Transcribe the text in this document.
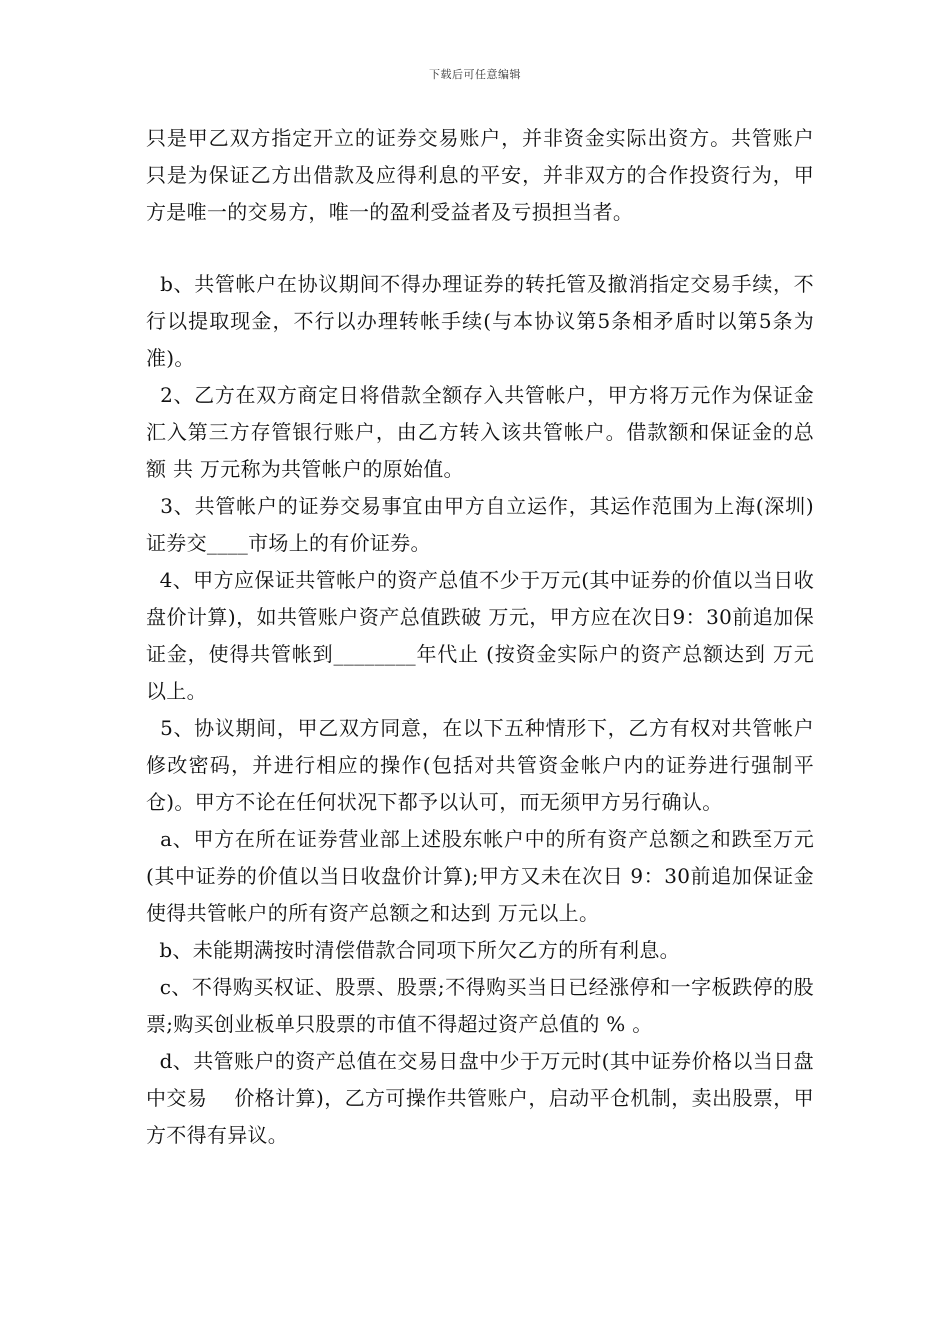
下载后可任意编辑

只是甲乙双方指定开立的证券交易账户，并非资金实际出资方。共管账户只是为保证乙方出借款及应得利息的平安，并非双方的合作投资行为，甲方是唯一的交易方，唯一的盈利受益者及亏损担当者。

b、共管帐户在协议期间不得办理证券的转托管及撤消指定交易手续，不行以提取现金，不行以办理转帐手续(与本协议第5条相矛盾时以第5条为准)。

2、乙方在双方商定日将借款全额存入共管帐户，甲方将万元作为保证金汇入第三方存管银行账户，由乙方转入该共管帐户。借款额和保证金的总额 共 万元称为共管帐户的原始值。

3、共管帐户的证券交易事宜由甲方自立运作，其运作范围为上海(深圳)证券交____市场上的有价证券。

4、甲方应保证共管帐户的资产总值不少于万元(其中证券的价值以当日收盘价计算)，如共管账户资产总值跌破 万元，甲方应在次日9：30前追加保证金，使得共管帐到________年代止 (按资金实际户的资产总额达到 万元以上。

5、协议期间，甲乙双方同意，在以下五种情形下，乙方有权对共管帐户修改密码，并进行相应的操作(包括对共管资金帐户内的证券进行强制平仓)。甲方不论在任何状况下都予以认可，而无须甲方另行确认。

a、甲方在所在证券营业部上述股东帐户中的所有资产总额之和跌至万元(其中证券的价值以当日收盘价计算);甲方又未在次日 9：30前追加保证金使得共管帐户的所有资产总额之和达到 万元以上。

b、未能期满按时清偿借款合同项下所欠乙方的所有利息。

c、不得购买权证、股票、股票;不得购买当日已经涨停和一字板跌停的股票;购买创业板单只股票的市值不得超过资产总值的 % 。

d、共管账户的资产总值在交易日盘中少于万元时(其中证券价格以当日盘中交易    价格计算)，乙方可操作共管账户，启动平仓机制，卖出股票，甲方不得有异议。
